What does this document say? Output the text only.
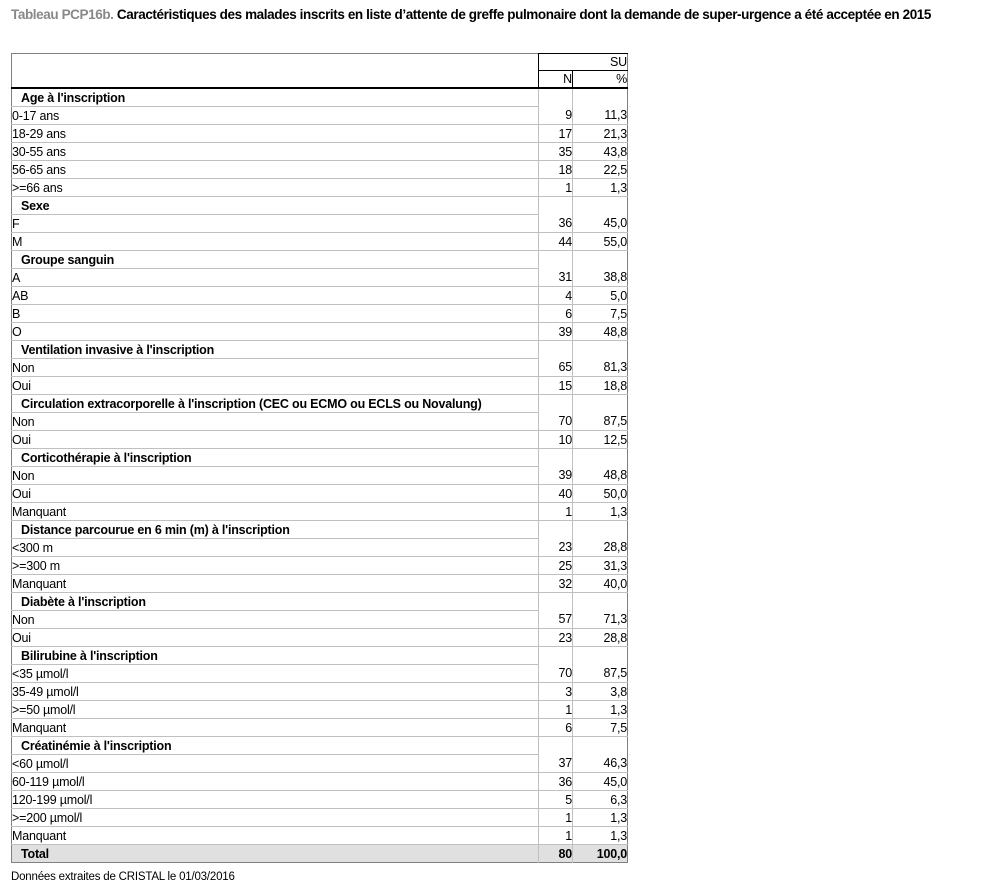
Tableau PCP16b. Caractéristiques des malades inscrits en liste d’attente de greffe pulmonaire dont la demande de super-urgence a été acceptée en 2015
	SU	
	N	%
Age à l'inscription		
0-17 ans	9	11,3
18-29 ans	17	21,3
30-55 ans	35	43,8
56-65 ans	18	22,5
>=66 ans	1	1,3
Sexe		
F	36	45,0
M	44	55,0
Groupe sanguin		
A	31	38,8
AB	4	5,0
B	6	7,5
O	39	48,8
Ventilation invasive à l'inscription		
Non	65	81,3
Oui	15	18,8
Circulation extracorporelle à l'inscription (CEC ou ECMO ou ECLS ou Novalung)		
Non	70	87,5
Oui	10	12,5
Corticothérapie à l'inscription		
Non	39	48,8
Oui	40	50,0
Manquant	1	1,3
Distance parcourue en 6 min (m) à l'inscription		
<300 m	23	28,8
>=300 m	25	31,3
Manquant	32	40,0
Diabète à l'inscription		
Non	57	71,3
Oui	23	28,8
Bilirubine à l'inscription		
<35 µmol/l	70	87,5
35-49 µmol/l	3	3,8
>=50 µmol/l	1	1,3
Manquant	6	7,5
Créatinémie à l'inscription		
<60 µmol/l	37	46,3
60-119 µmol/l	36	45,0
120-199 µmol/l	5	6,3
>=200 µmol/l	1	1,3
Manquant	1	1,3
Total	80	100,0
Données extraites de CRISTAL le 01/03/2016
